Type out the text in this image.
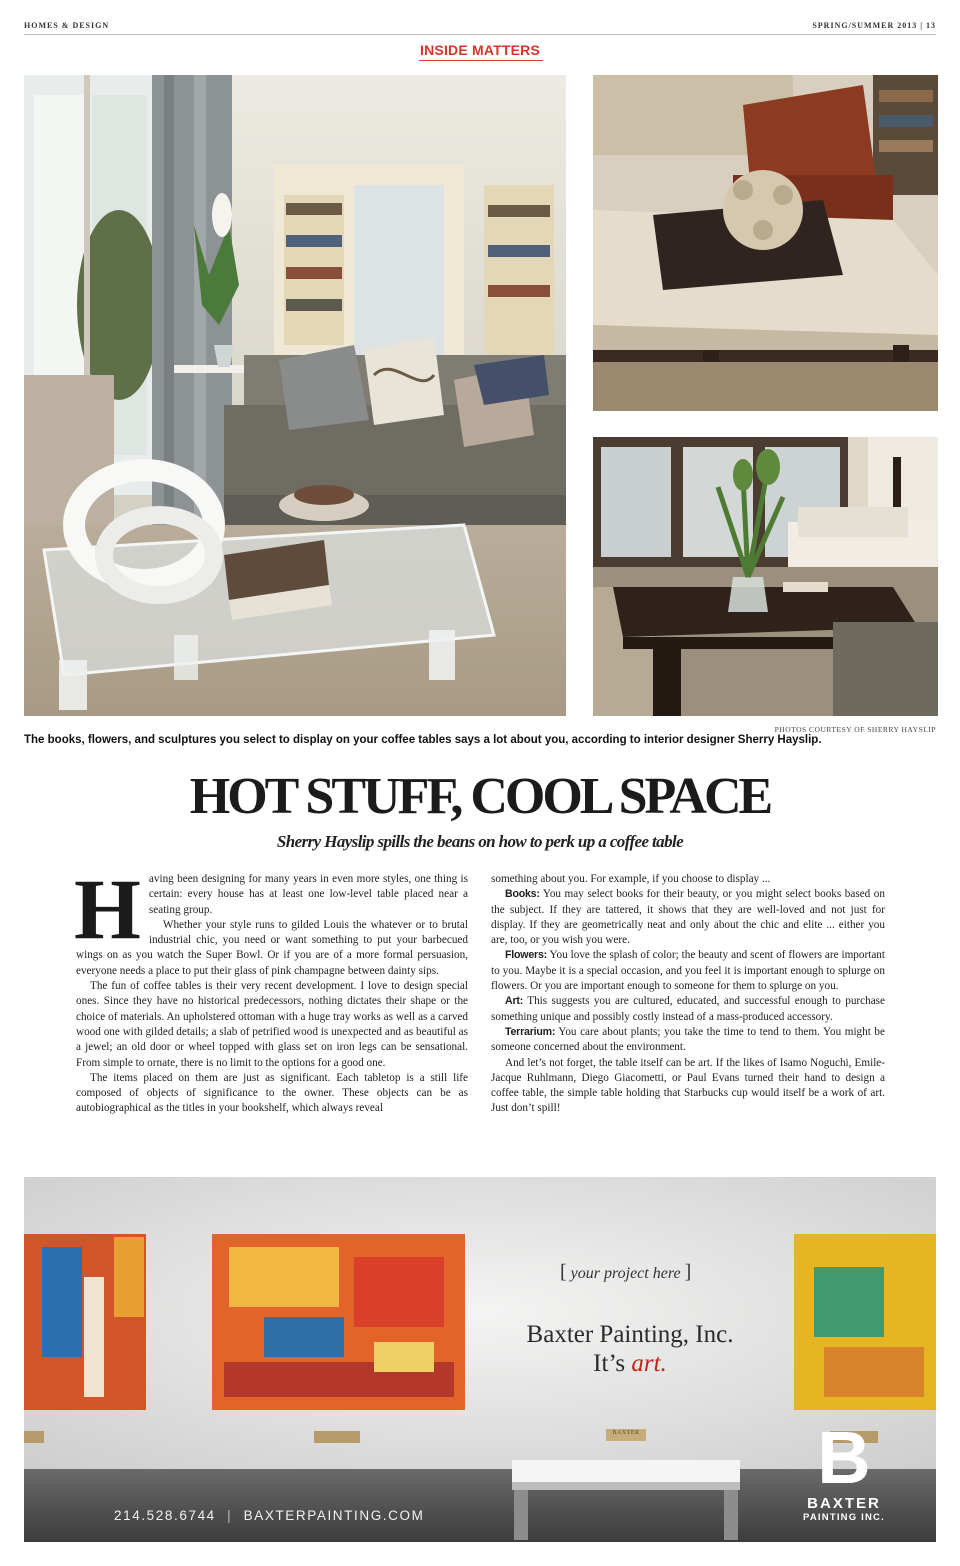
HOMES & DESIGN	SPRING/SUMMER 2013 | 13
INSIDE MATTERS
PHOTOS COURTESY OF SHERRY HAYSLIP
The books, flowers, and sculptures you select to display on your coffee tables says a lot about you, according to interior designer Sherry Hayslip.
HOT STUFF, COOL SPACE
Sherry Hayslip spills the beans on how to perk up a coffee table
H aving been designing for many years in even more styles, one thing is certain: every house has at least one low-level table placed near a seating group.

Whether your style runs to gilded Louis the whatever or to brutal industrial chic, you need or want something to put your barbecued wings on as you watch the Super Bowl. Or if you are of a more formal persuasion, everyone needs a place to put their glass of pink champagne between dainty sips.

The fun of coffee tables is their very recent development. I love to design special ones. Since they have no historical predecessors, nothing dictates their shape or the choice of materials. An upholstered ottoman with a huge tray works as well as a carved wood one with gilded details; a slab of petrified wood is unexpected and as beautiful as a jewel; an old door or wheel topped with glass set on iron legs can be sensational. From simple to ornate, there is no limit to the options for a good one.

The items placed on them are just as significant. Each tabletop is a still life composed of objects of significance to the owner. These objects can be as autobiographical as the titles in your bookshelf, which always reveal

something about you. For example, if you choose to display ...

Books: You may select books for their beauty, or you might select books based on the subject. If they are tattered, it shows that they are well-loved and not just for display. If they are geometrically neat and only about the chic and elite ... either you are, too, or you wish you were.

Flowers: You love the splash of color; the beauty and scent of flowers are important to you. Maybe it is a special occasion, and you feel it is important enough to splurge on flowers. Or you are important enough to someone for them to splurge on you.

Art: This suggests you are cultured, educated, and successful enough to purchase something unique and possibly costly instead of a mass-produced accessory.

Terrarium: You care about plants; you take the time to tend to them. You might be someone concerned about the environment.

And let’s not forget, the table itself can be art. If the likes of Isamo Noguchi, Emile-Jacque Ruhlmann, Diego Giacometti, or Paul Evans turned their hand to design a coffee table, the simple table holding that Starbucks cup would itself be a work of art. Just don’t spill!

BAXTER
[ your project here ]
Baxter Painting, Inc.
It’s art.
214.528.6744 | BAXTERPAINTING.COM
B
BAXTER
PAINTING INC.
